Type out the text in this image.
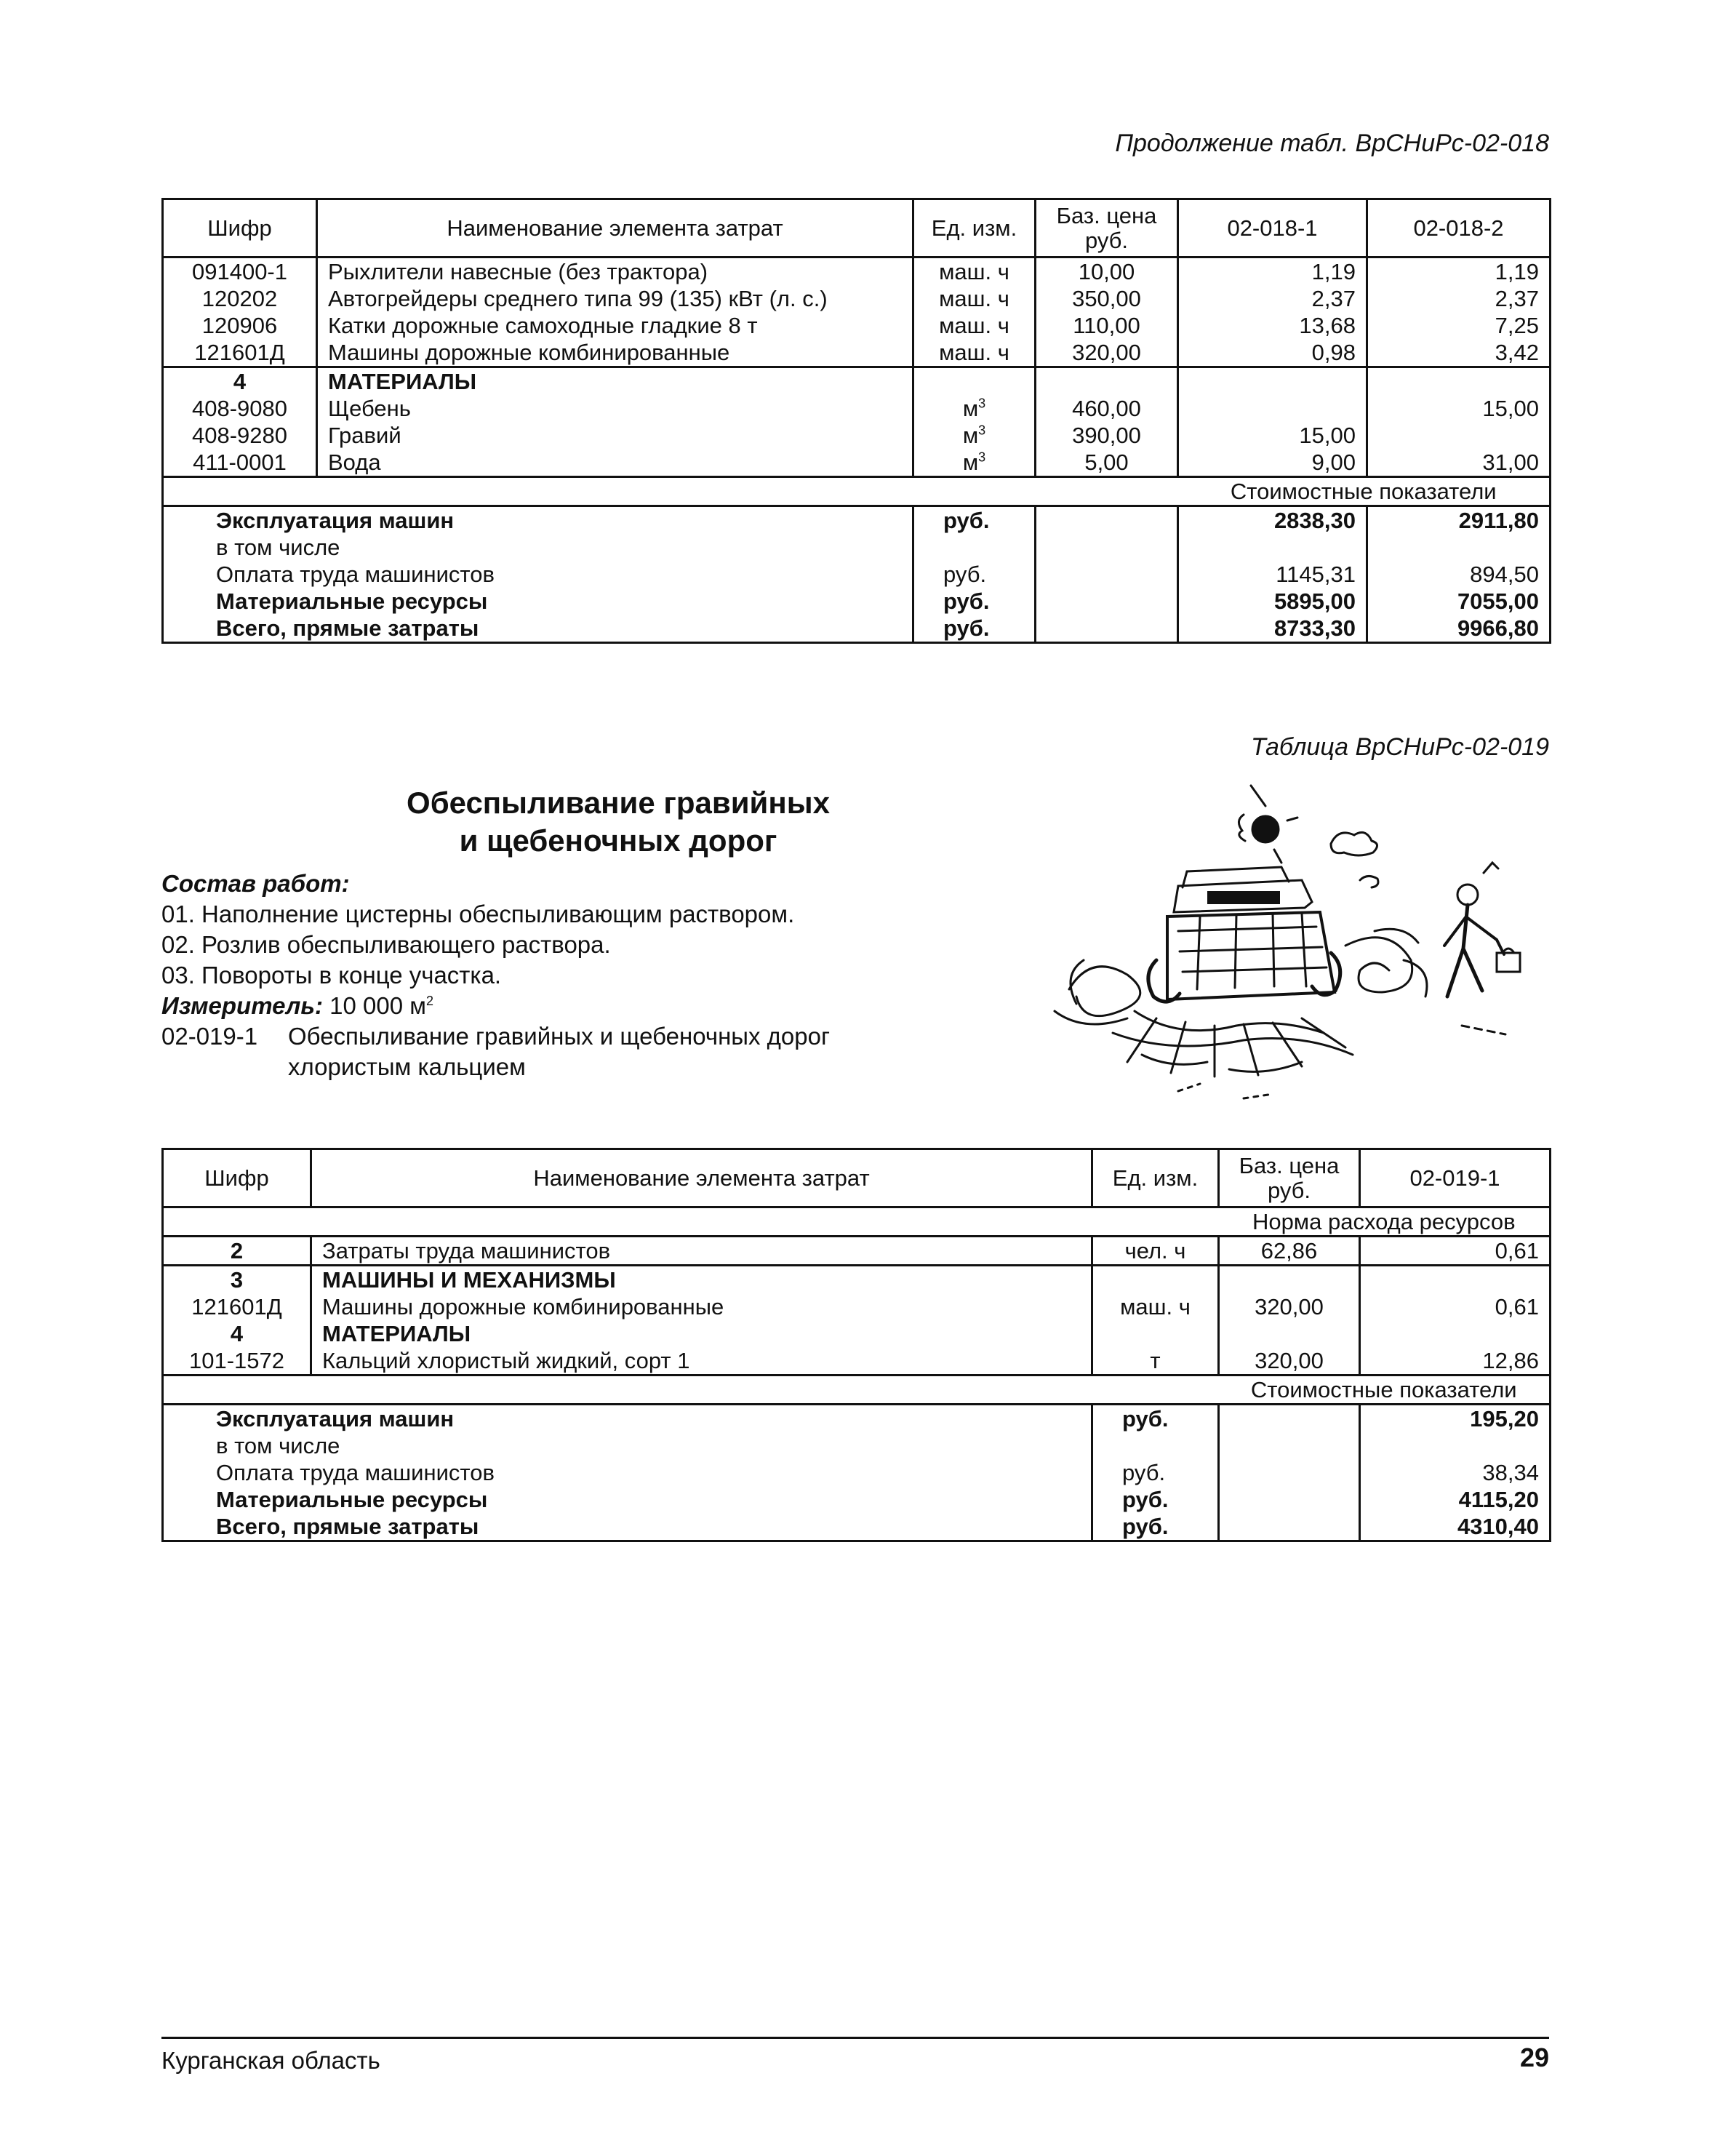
Продолжение табл. ВрСНиРс-02-018
Шифр	Наименование элемента затрат	Ед. изм.	Баз. цена руб.	02-018-1	02-018-2
091400-1	Рыхлители навесные (без трактора)	маш. ч	10,00	1,19	1,19
120202	Автогрейдеры среднего типа 99 (135) кВт (л. с.)	маш. ч	350,00	2,37	2,37
120906	Катки дорожные самоходные гладкие 8 т	маш. ч	110,00	13,68	7,25
121601Д	Машины дорожные комбинированные	маш. ч	320,00	0,98	3,42
4	МАТЕРИАЛЫ				
408-9080	Щебень	$м^3$	460,00		15,00
408-9280	Гравий	$м^3$	390,00	15,00	
411-0001	Вода	$м^3$	5,00	9,00	31,00
				Стоимостные показатели	
Эксплуатация машин		руб.		2838,30	2911,80
в том числе					
Оплата труда машинистов		руб.		1145,31	894,50
Материальные ресурсы		руб.		5895,00	7055,00
Всего, прямые затраты		руб.		8733,30	9966,80
Таблица ВрСНиРс-02-019
Обеспыливание гравийных
и щебеночных дорог
Состав работ:
01. Наполнение цистерны обеспыливающим раствором.
02. Розлив обеспыливающего раствора.
03. Повороты в конце участка.
Измеритель: 10 000 $м^2$
02-019-1	Обеспыливание гравийных и щебеночных дорог
хлористым кальцием
Шифр	Наименование элемента затрат	Ед. изм.	Баз. цена руб.	02-019-1
			Норма расхода ресурсов	
2	Затраты труда машинистов	чел. ч	62,86	0,61
3	МАШИНЫ И МЕХАНИЗМЫ			
121601Д	Машины дорожные комбинированные	маш. ч	320,00	0,61
4	МАТЕРИАЛЫ			
101-1572	Кальций хлористый жидкий, сорт 1	т	320,00	12,86
			Стоимостные показатели	
Эксплуатация машин		руб.		195,20
в том числе				
Оплата труда машинистов		руб.		38,34
Материальные ресурсы		руб.		4115,20
Всего, прямые затраты		руб.		4310,40
Курганская область	29
